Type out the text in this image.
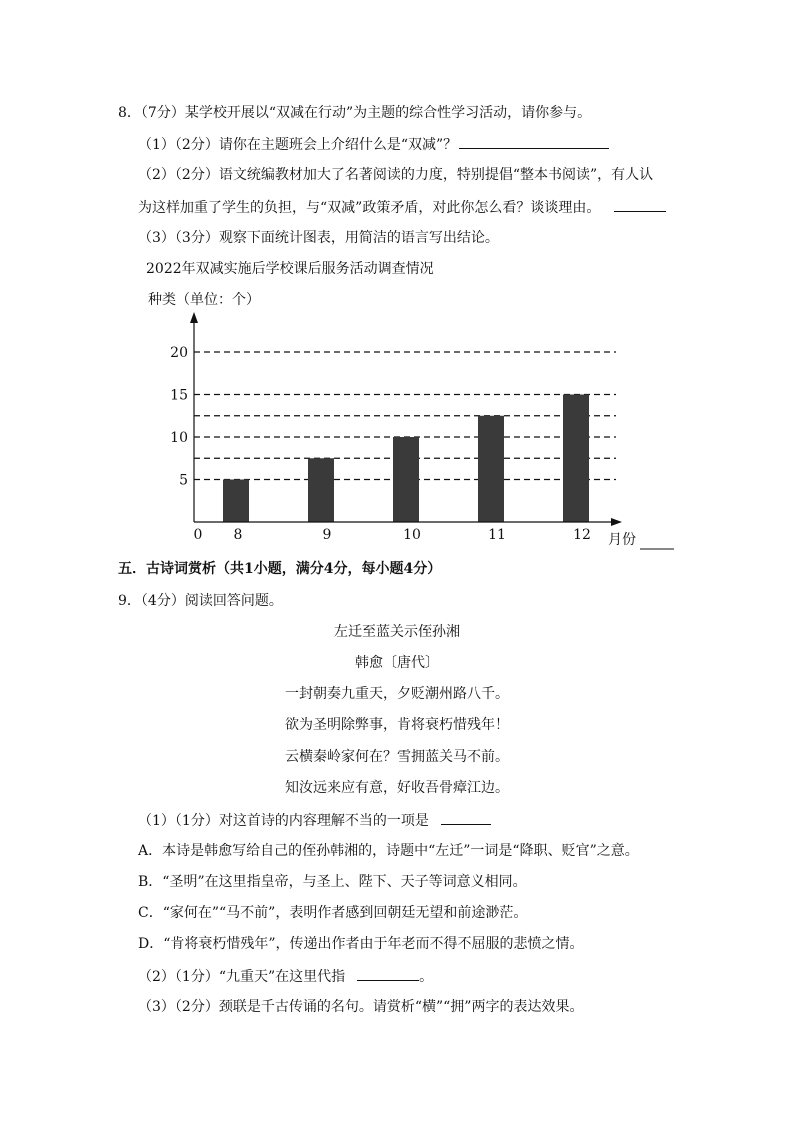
8．（7分）某学校开展以“双减在行动”为主题的综合性学习活动，请你参与。
（1）（2分）请你在主题班会上介绍什么是“双减”？
（2）（2分）语文统编教材加大了名著阅读的力度，特别提倡“整本书阅读”，有人认
为这样加重了学生的负担，与“双减”政策矛盾，对此你怎么看？谈谈理由。
（3）（3分）观察下面统计图表，用简洁的语言写出结论。
2022年双减实施后学校课后服务活动调查情况
种类（单位：个）
0
5
10
15
20
8	9	10	11	12 月份
五．古诗词赏析（共1小题，满分4分，每小题4分）
9．（4分）阅读回答问题。
左迁至蓝关示侄孙湘
韩愈〔唐代〕
一封朝奏九重天，夕贬潮州路八千。
欲为圣明除弊事，肯将衰朽惜残年！
云横秦岭家何在？雪拥蓝关马不前。
知汝远来应有意，好收吾骨瘴江边。
（1）（1分）对这首诗的内容理解不当的一项是
A．本诗是韩愈写给自己的侄孙韩湘的，诗题中“左迁”一词是“降职、贬官”之意。
B．“圣明”在这里指皇帝，与圣上、陛下、天子等词意义相同。
C．“家何在”“马不前”，表明作者感到回朝廷无望和前途渺茫。
D．“肯将衰朽惜残年”，传递出作者由于年老而不得不屈服的悲愤之情。
（2）（1分）“九重天”在这里代指	。
（3）（2分）颈联是千古传诵的名句。请赏析“横”“拥”两字的表达效果。
